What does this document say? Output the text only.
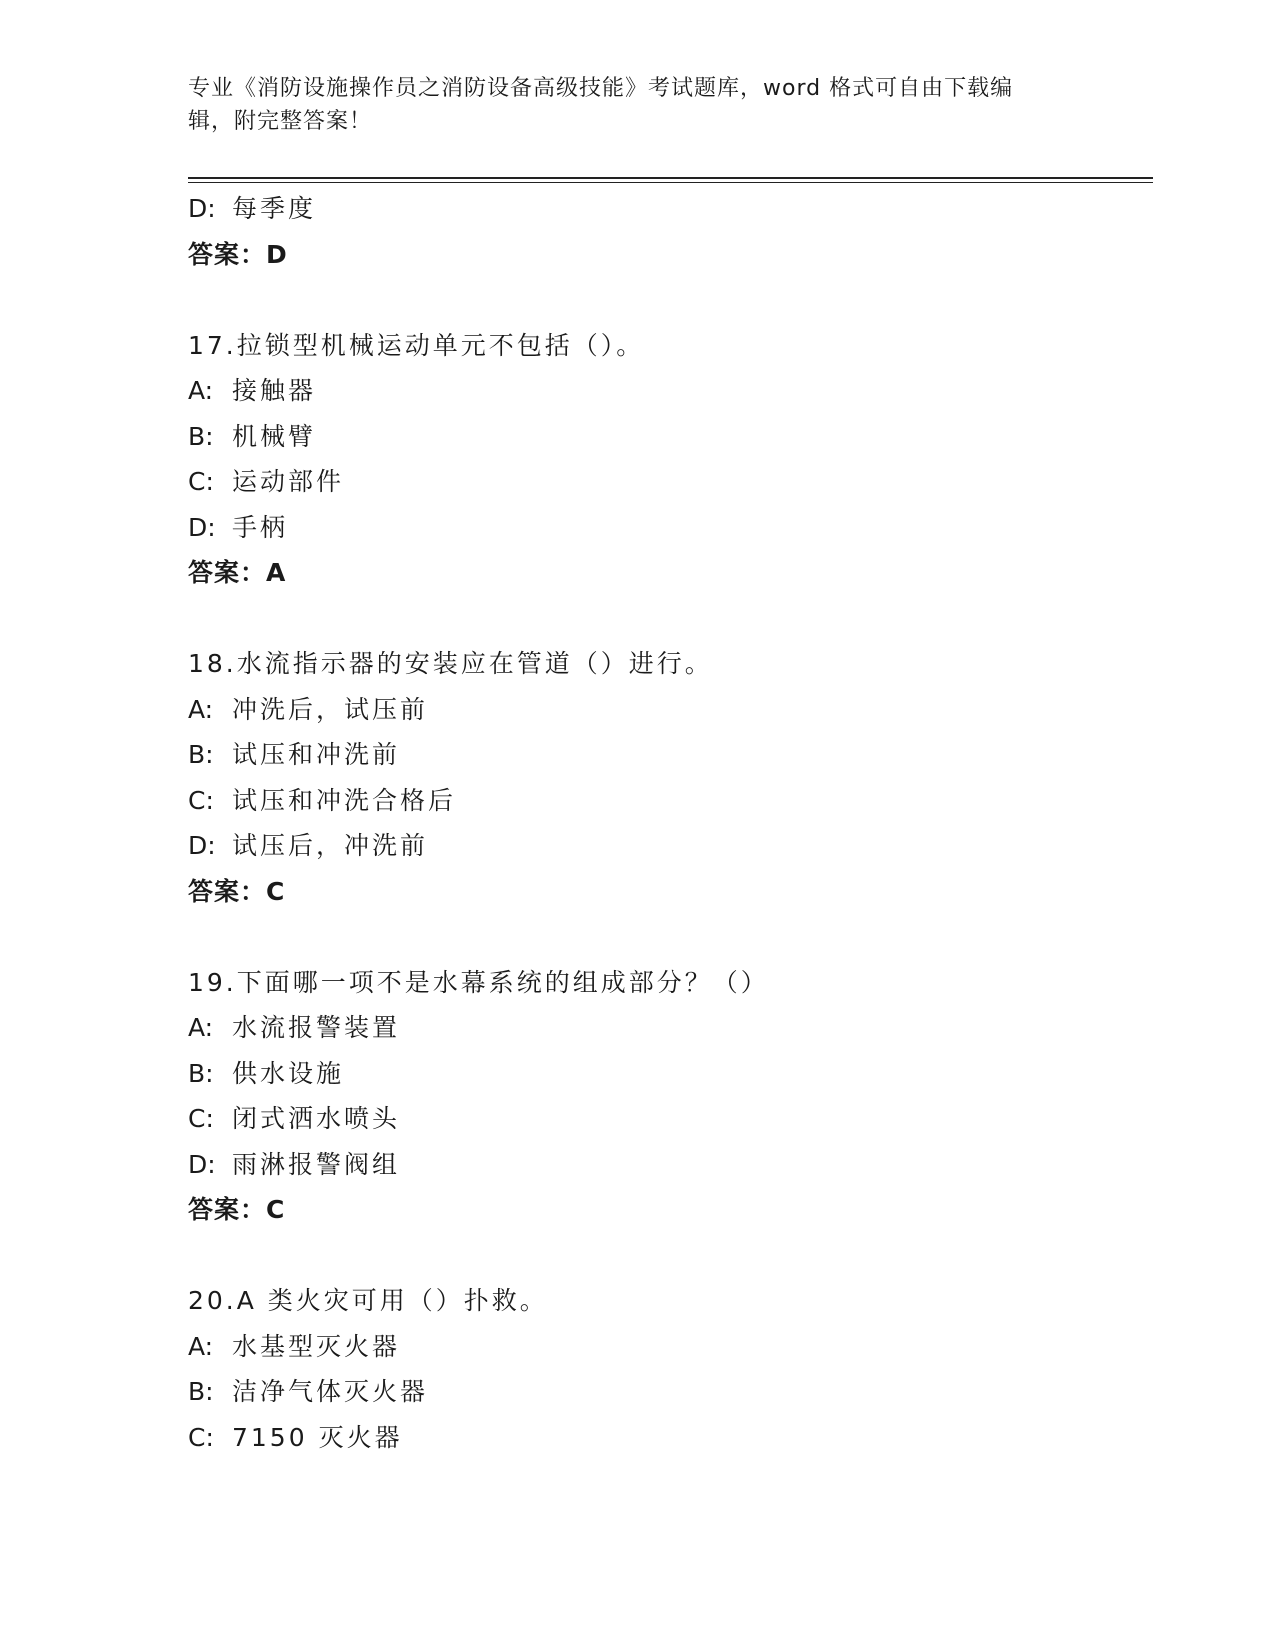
专业《消防设施操作员之消防设备高级技能》考试题库，word 格式可自由下载编
辑，附完整答案！
D: 每季度
答案：D
17.拉锁型机械运动单元不包括（）。
A: 接触器
B: 机械臂
C: 运动部件
D: 手柄
答案：A
18.水流指示器的安装应在管道（）进行。
A: 冲洗后，试压前
B: 试压和冲洗前
C: 试压和冲洗合格后
D: 试压后，冲洗前
答案：C
19.下面哪一项不是水幕系统的组成部分？（）
A: 水流报警装置
B: 供水设施
C: 闭式洒水喷头
D: 雨淋报警阀组
答案：C
20.A 类火灾可用（）扑救。
A: 水基型灭火器
B: 洁净气体灭火器
C: 7150 灭火器
